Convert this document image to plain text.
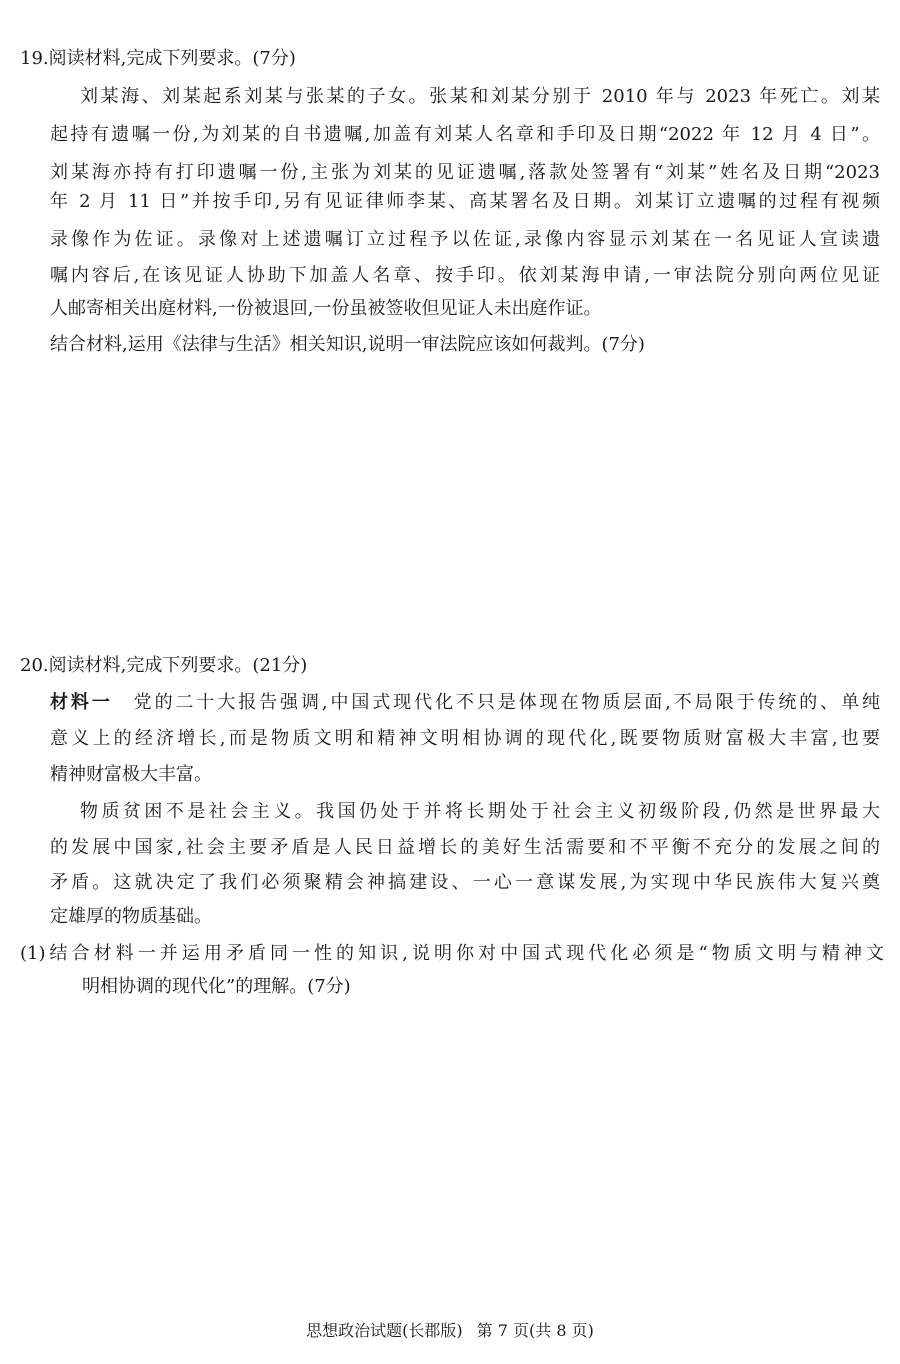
19.阅读材料,完成下列要求。(7分)
刘某海、刘某起系刘某与张某的子女。张某和刘某分别于 2010 年与 2023 年死亡。刘某
起持有遗嘱一份,为刘某的自书遗嘱,加盖有刘某人名章和手印及日期“2022 年 12 月 4 日”。
刘某海亦持有打印遗嘱一份,主张为刘某的见证遗嘱,落款处签署有“刘某”姓名及日期“2023
年 2 月 11 日”并按手印,另有见证律师李某、高某署名及日期。刘某订立遗嘱的过程有视频
录像作为佐证。录像对上述遗嘱订立过程予以佐证,录像内容显示刘某在一名见证人宣读遗
嘱内容后,在该见证人协助下加盖人名章、按手印。依刘某海申请,一审法院分别向两位见证
人邮寄相关出庭材料,一份被退回,一份虽被签收但见证人未出庭作证。
结合材料,运用《法律与生活》相关知识,说明一审法院应该如何裁判。(7分)
20.阅读材料,完成下列要求。(21分)
材料一 党的二十大报告强调,中国式现代化不只是体现在物质层面,不局限于传统的、单纯
意义上的经济增长,而是物质文明和精神文明相协调的现代化,既要物质财富极大丰富,也要
精神财富极大丰富。
物质贫困不是社会主义。我国仍处于并将长期处于社会主义初级阶段,仍然是世界最大
的发展中国家,社会主要矛盾是人民日益增长的美好生活需要和不平衡不充分的发展之间的
矛盾。这就决定了我们必须聚精会神搞建设、一心一意谋发展,为实现中华民族伟大复兴奠
定雄厚的物质基础。
(1)结合材料一并运用矛盾同一性的知识,说明你对中国式现代化必须是“物质文明与精神文
明相协调的现代化”的理解。(7分)
思想政治试题(长郡版) 第 7 页(共 8 页)
